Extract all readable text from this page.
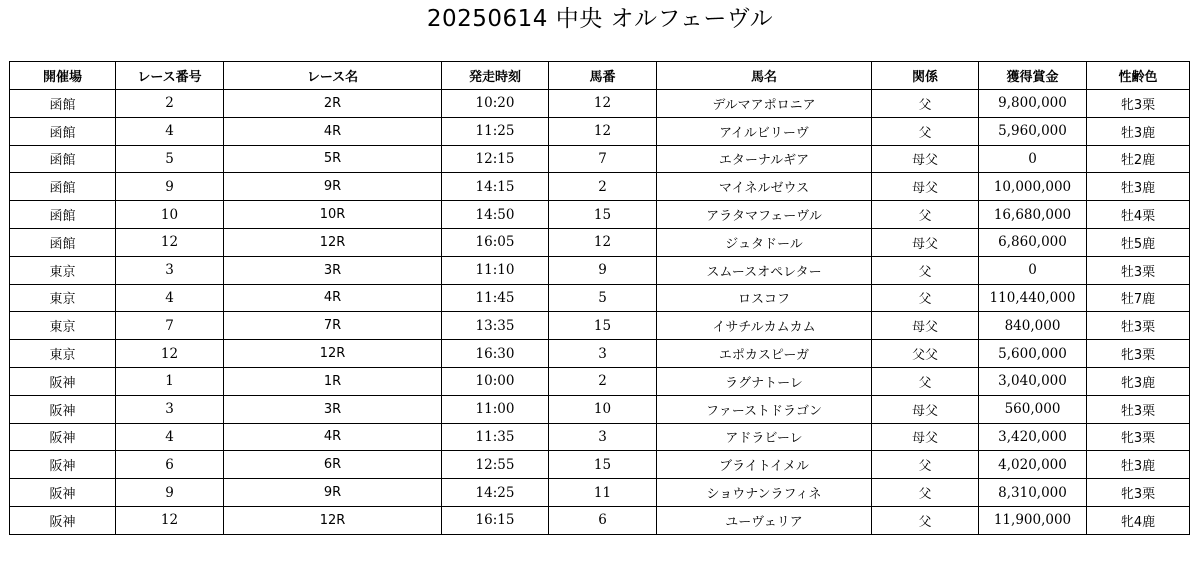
20250614 中央 オルフェーヴル
開催場	レース番号	レース名	発走時刻	馬番	馬名	関係	獲得賞金	性齢色
函館	2	2R	10:20	12	デルマアポロニア	父	9,800,000	牝3栗
函館	4	4R	11:25	12	アイルビリーヴ	父	5,960,000	牡3鹿
函館	5	5R	12:15	7	エターナルギア	母父	0	牡2鹿
函館	9	9R	14:15	2	マイネルゼウス	母父	10,000,000	牡3鹿
函館	10	10R	14:50	15	アラタマフェーヴル	父	16,680,000	牡4栗
函館	12	12R	16:05	12	ジュタドール	母父	6,860,000	牡5鹿
東京	3	3R	11:10	9	スムースオペレター	父	0	牡3栗
東京	4	4R	11:45	5	ロスコフ	父	110,440,000	牡7鹿
東京	7	7R	13:35	15	イサチルカムカム	母父	840,000	牡3栗
東京	12	12R	16:30	3	エポカスピーガ	父父	5,600,000	牝3栗
阪神	1	1R	10:00	2	ラグナトーレ	父	3,040,000	牝3鹿
阪神	3	3R	11:00	10	ファーストドラゴン	母父	560,000	牡3栗
阪神	4	4R	11:35	3	アドラビーレ	母父	3,420,000	牝3栗
阪神	6	6R	12:55	15	ブライトイメル	父	4,020,000	牡3鹿
阪神	9	9R	14:25	11	ショウナンラフィネ	父	8,310,000	牝3栗
阪神	12	12R	16:15	6	ユーヴェリア	父	11,900,000	牝4鹿
